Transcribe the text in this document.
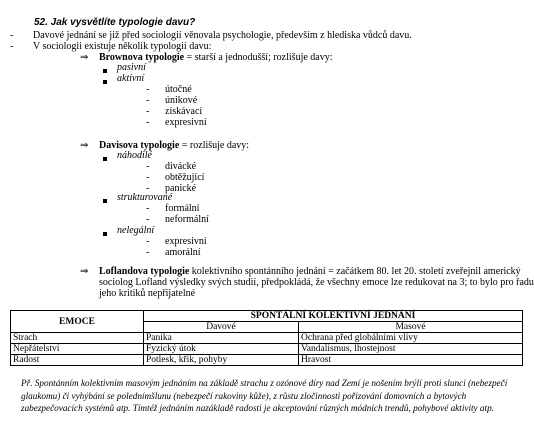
52. Jak vysvětlíte typologie davu?
- Davové jednání se již před sociologií věnovala psychologie, především z hlediska vůdců davu.
- V sociologii existuje několik typologií davu:
⇒ Brownova typologie = starší a jednodušší; rozlišuje davy:
pasivní
aktivní
- útočné
- únikové
- získávací
- expresivní
⇒ Davisova typologie = rozlišuje davy:
náhodilé
- divácké
- obtěžující
- panické
strukturované
- formální
- neformální
nelegální
- expresivní
- amorální
⇒ Loflandova typologie kolektivního spontánního jednání = začátkem 80. let 20. století zveřejnil americký
sociolog Lofland výsledky svých studií, předpokládá, že všechny emoce lze redukovat na 3; to bylo pro řadu
jeho kritiků nepřijatelné
EMOCE	SPONTÁLNÍ KOLEKTIVNÍ JEDNÁNÍ	
	Davové	Masové
Strach	Panika	Ochrana před globálními vlivy
Nepřátelství	Fyzický útok	Vandalismus, lhostejnost
Radost	Potlesk, křik, pohyby	Hravost
Př. Spontánním kolektivním masovým jednáním na základě strachu z ozónové díry nad Zemí je nošením brýlí proti slunci (nebezpečí glaukomu) či vyhýbání se poledníms̆lunu (nebezpečí rakoviny kůže), z růstu zločinnosti pořizování domovních a bytových zabezpečovacích systémů atp. Tímtéž jednáním nazákladě radosti je akceptování různých módních trendů, pohybové aktivity atp.
